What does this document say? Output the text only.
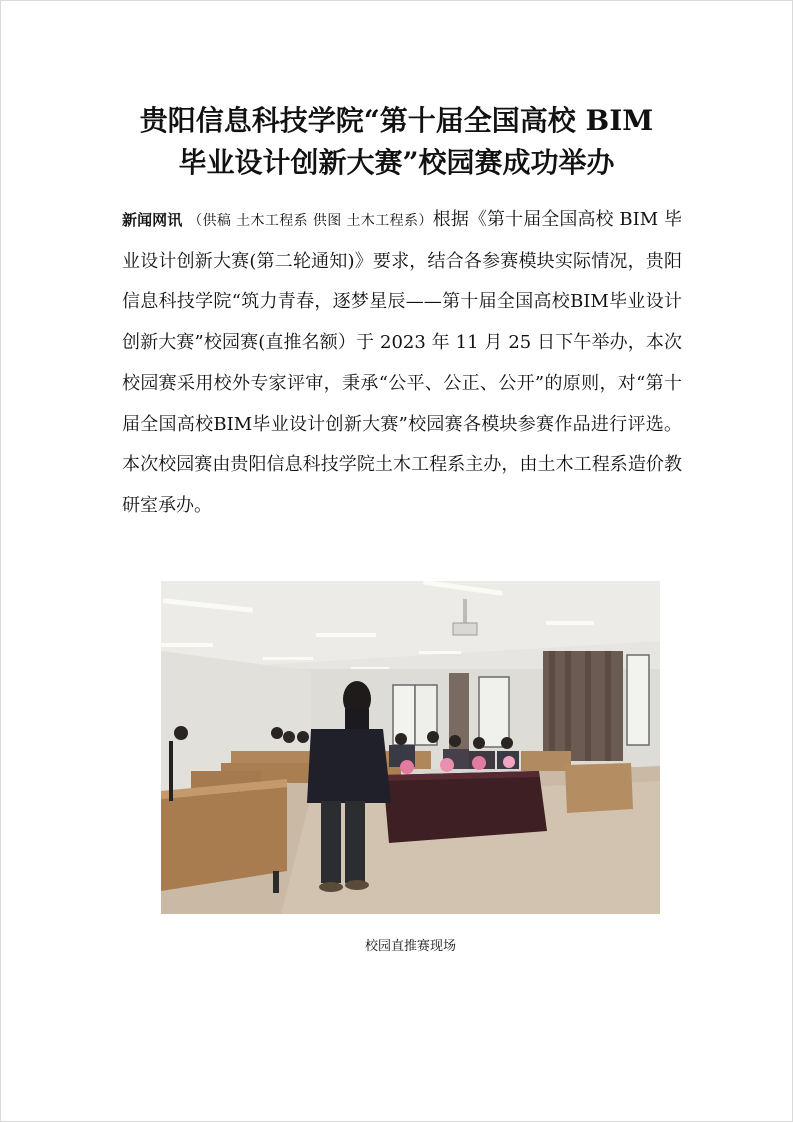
贵阳信息科技学院“第十届全国高校 BIM
毕业设计创新大赛”校园赛成功举办

新闻网讯 （供稿 土木工程系 供图 土木工程系）根据《第十届全国高校 BIM 毕业设计创新大赛(第二轮通知)》要求，结合各参赛模块实际情况，贵阳信息科技学院“筑力青春，逐梦星辰——第十届全国高校BIM毕业设计创新大赛”校园赛(直推名额）于 2023 年 11 月 25 日下午举办，本次校园赛采用校外专家评审，秉承“公平、公正、公开”的原则，对“第十届全国高校BIM毕业设计创新大赛”校园赛各模块参赛作品进行评选。本次校园赛由贵阳信息科技学院土木工程系主办，由土木工程系造价教研室承办。

校园直推赛现场
